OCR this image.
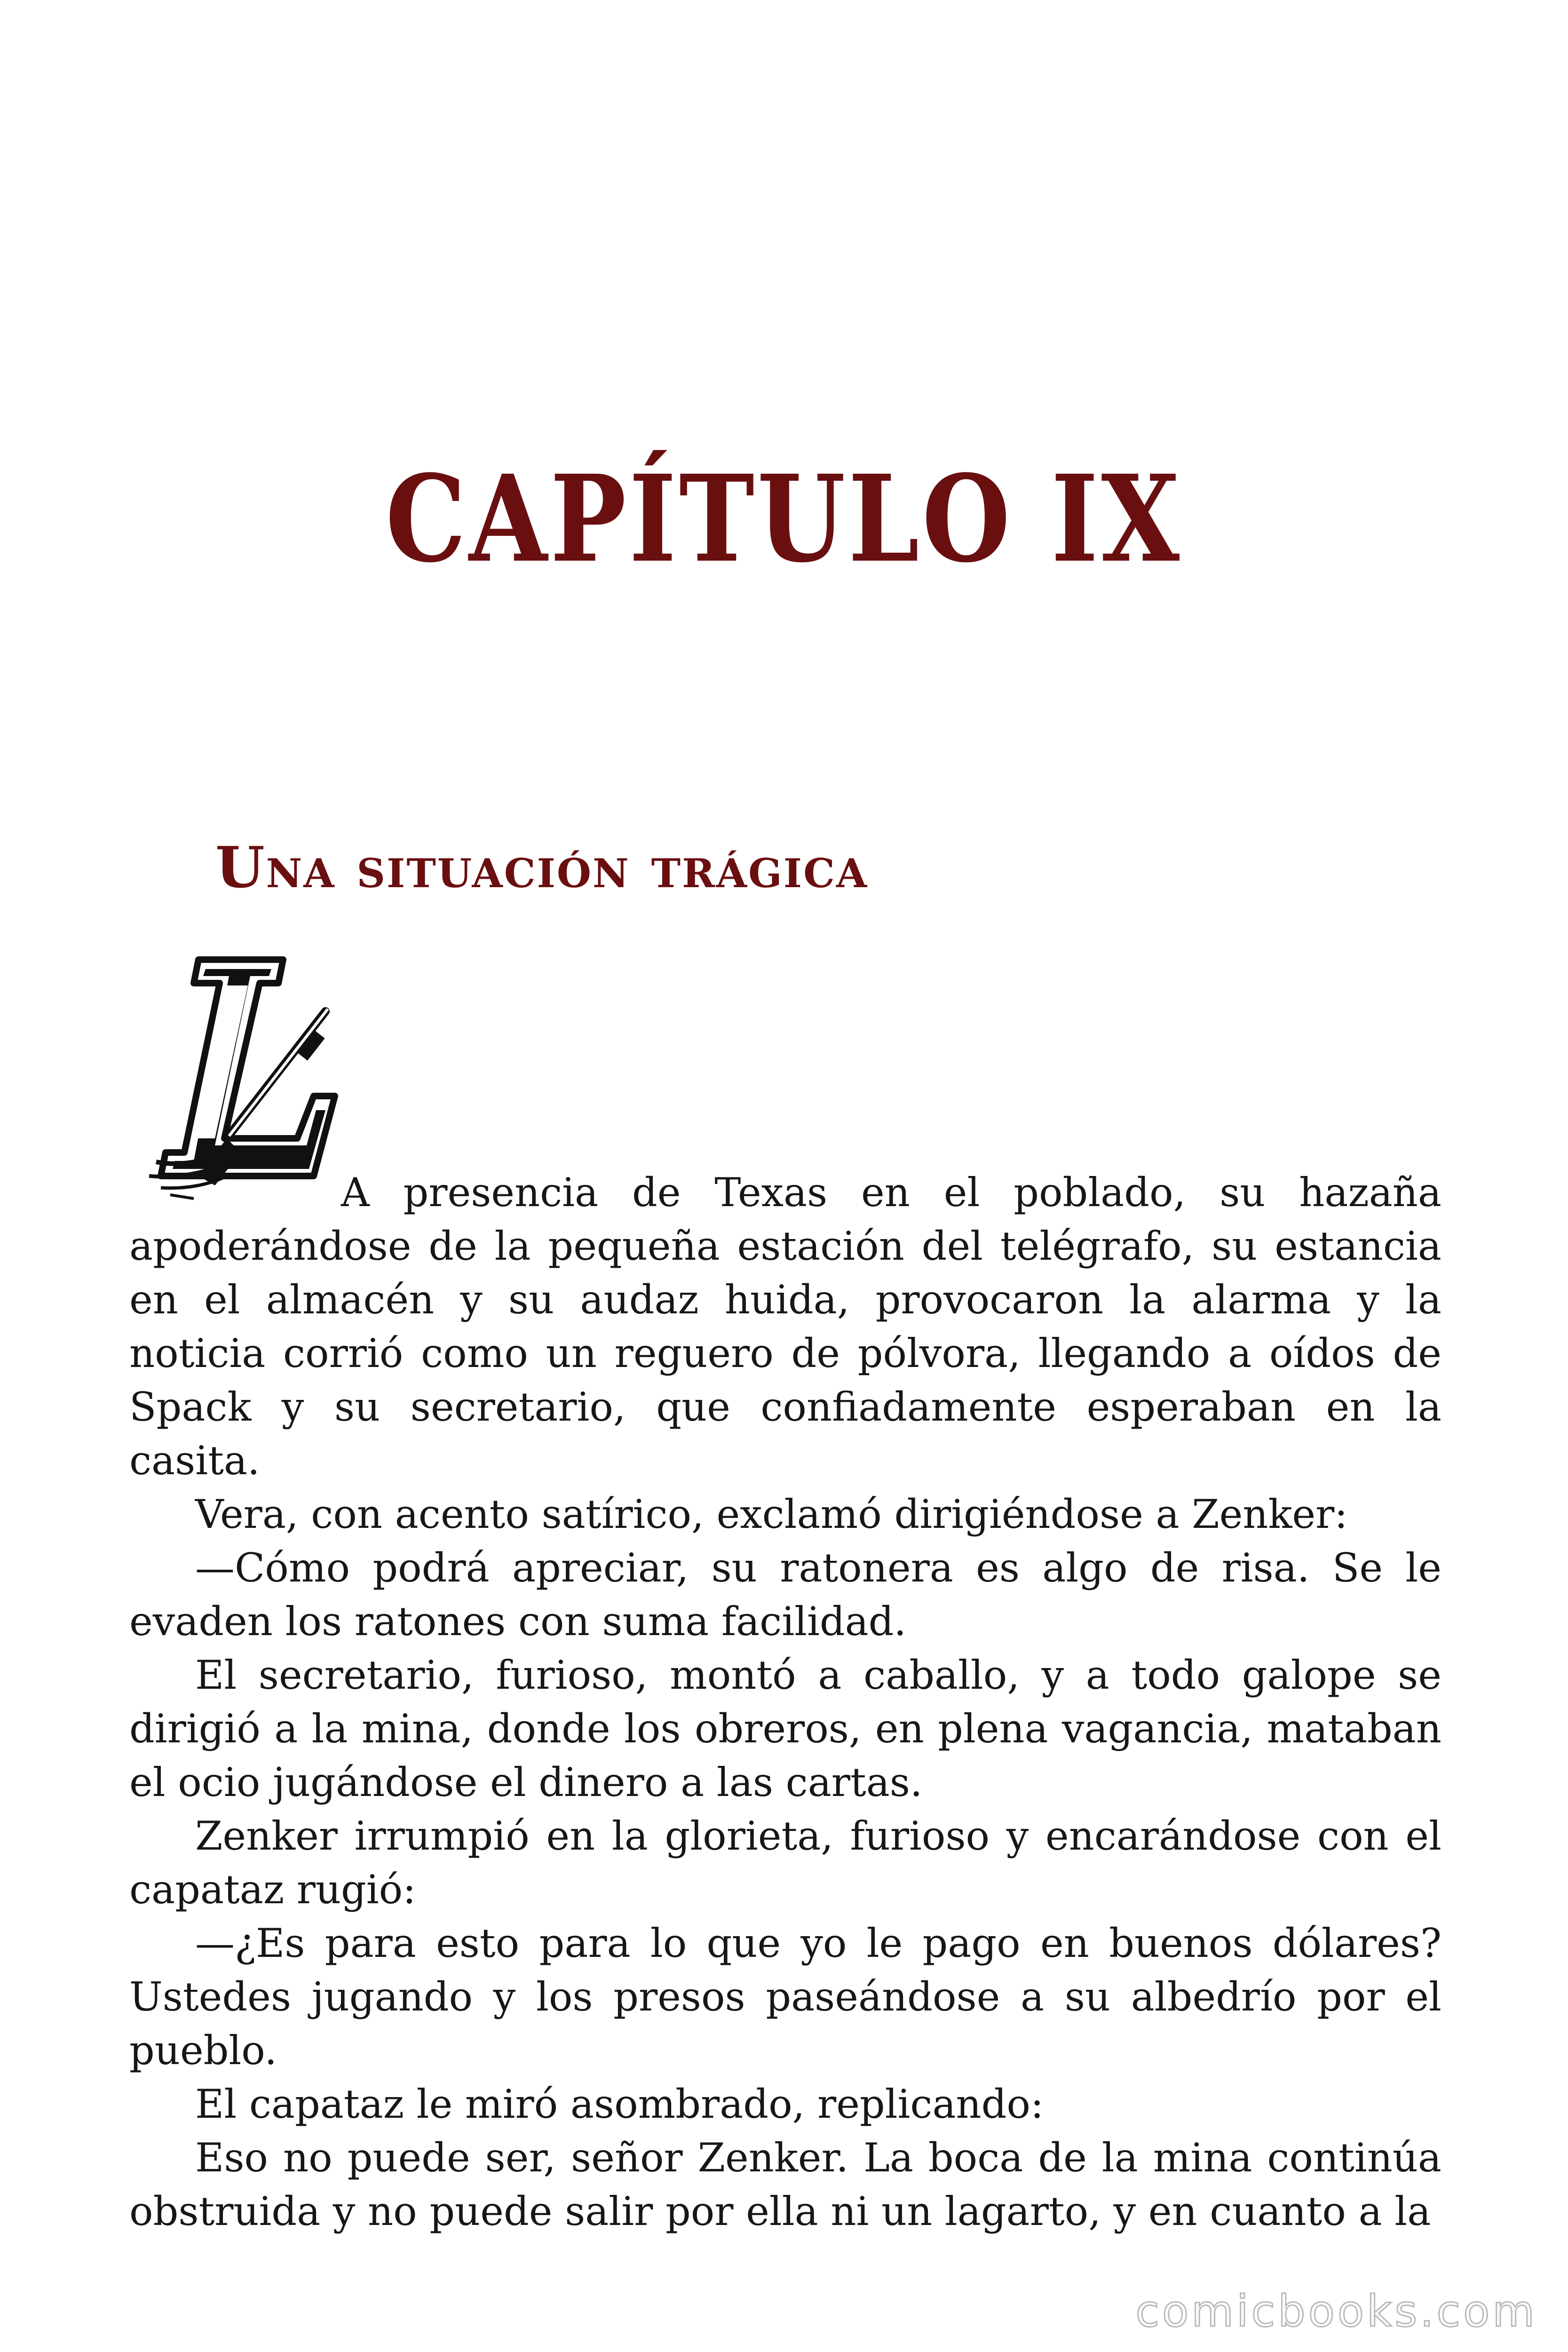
CAPÍTULO IX
Una situación trágica

A presencia de Texas en el poblado, su hazaña apoderándose de la pequeña estación del telégrafo, su estancia en el almacén y su audaz huida, provocaron la alarma y la noticia corrió como un reguero de pólvora, llegando a oídos de Spack y su secretario, que confiadamente esperaban en la casita.

Vera, con acento satírico, exclamó dirigiéndose a Zenker:

—Cómo podrá apreciar, su ratonera es algo de risa. Se le evaden los ratones con suma facilidad.

El secretario, furioso, montó a caballo, y a todo galope se dirigió a la mina, donde los obreros, en plena vagancia, mataban el ocio jugándose el dinero a las cartas.

Zenker irrumpió en la glorieta, furioso y encarándose con el capataz rugió:

—¿Es para esto para lo que yo le pago en buenos dólares? Ustedes jugando y los presos paseándose a su albedrío por el pueblo.

El capataz le miró asombrado, replicando:

Eso no puede ser, señor Zenker. La boca de la mina continúa obstruida y no puede salir por ella ni un lagarto, y en cuanto a la

comicbooks.com
